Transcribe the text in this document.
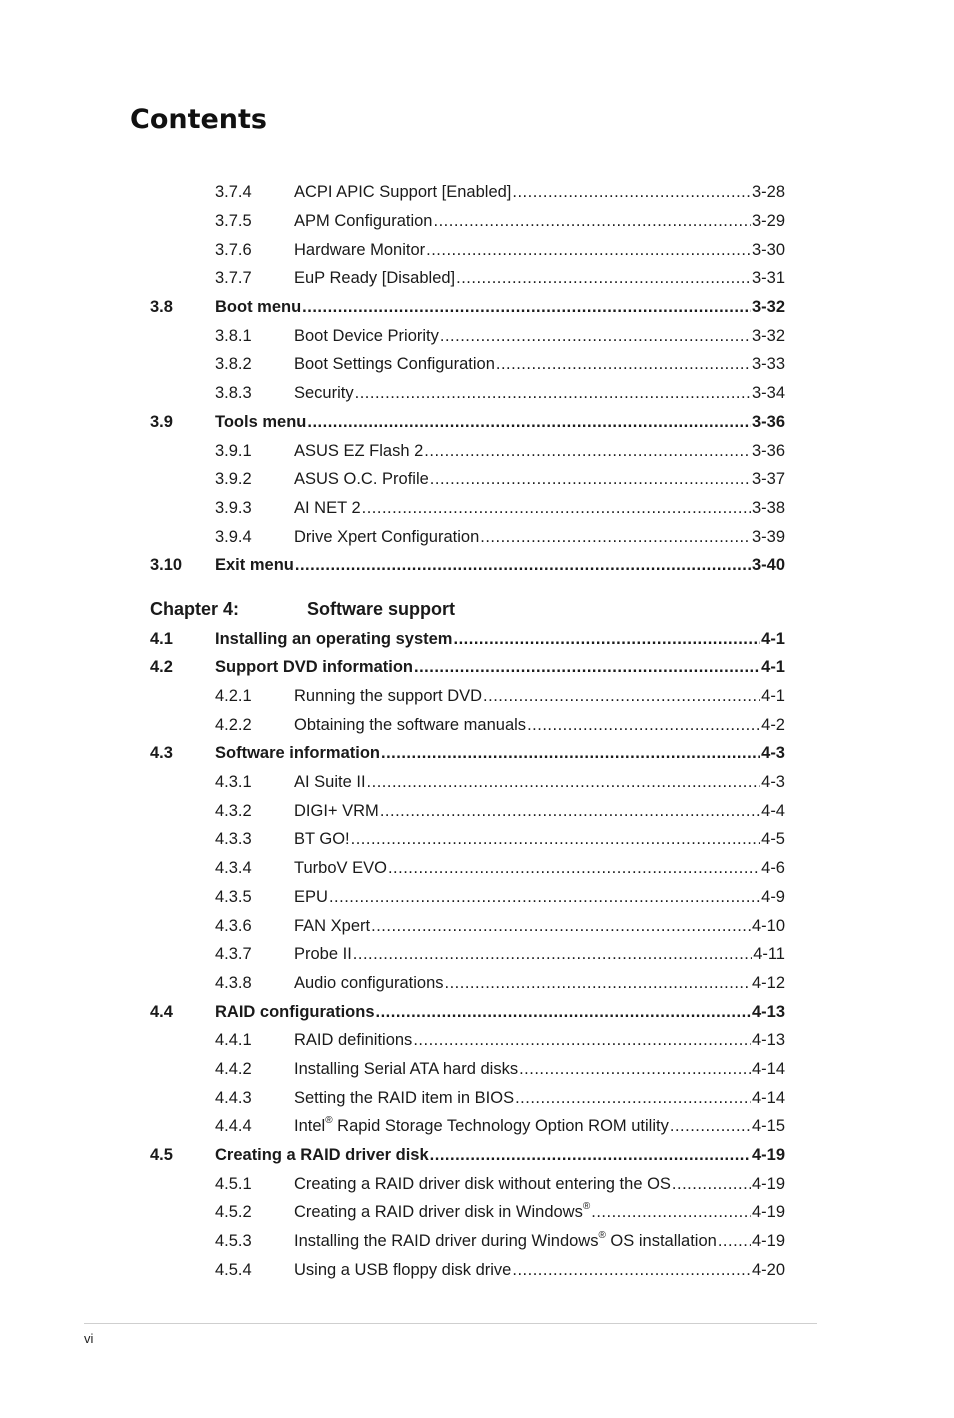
Contents
3.7.4	ACPI APIC Support [Enabled] .....	3-28
3.7.5	APM Configuration .....	3-29
3.7.6	Hardware Monitor .....	3-30
3.7.7	EuP Ready [Disabled] .....	3-31
3.8	Boot menu .....	3-32
3.8.1	Boot Device Priority .....	3-32
3.8.2	Boot Settings Configuration .....	3-33
3.8.3	Security .....	3-34
3.9	Tools menu .....	3-36
3.9.1	ASUS EZ Flash 2 .....	3-36
3.9.2	ASUS O.C. Profile .....	3-37
3.9.3	AI NET 2 .....	3-38
3.9.4	Drive Xpert Configuration .....	3-39
3.10	Exit menu .....	3-40
Chapter 4:	Software support
4.1	Installing an operating system .....	4-1
4.2	Support DVD information .....	4-1
4.2.1	Running the support DVD .....	4-1
4.2.2	Obtaining the software manuals .....	4-2
4.3	Software information .....	4-3
4.3.1	AI Suite II .....	4-3
4.3.2	DIGI+ VRM .....	4-4
4.3.3	BT GO! .....	4-5
4.3.4	TurboV EVO .....	4-6
4.3.5	EPU .....	4-9
4.3.6	FAN Xpert .....	4-10
4.3.7	Probe II .....	4-11
4.3.8	Audio configurations .....	4-12
4.4	RAID configurations .....	4-13
4.4.1	RAID definitions .....	4-13
4.4.2	Installing Serial ATA hard disks .....	4-14
4.4.3	Setting the RAID item in BIOS .....	4-14
4.4.4	Intel® Rapid Storage Technology Option ROM utility .....	4-15
4.5	Creating a RAID driver disk .....	4-19
4.5.1	Creating a RAID driver disk without entering the OS .....	4-19
4.5.2	Creating a RAID driver disk in Windows® .....	4-19
4.5.3	Installing the RAID driver during Windows® OS installation ..... 4-19
4.5.4	Using a USB floppy disk drive .....	4-20
vi
